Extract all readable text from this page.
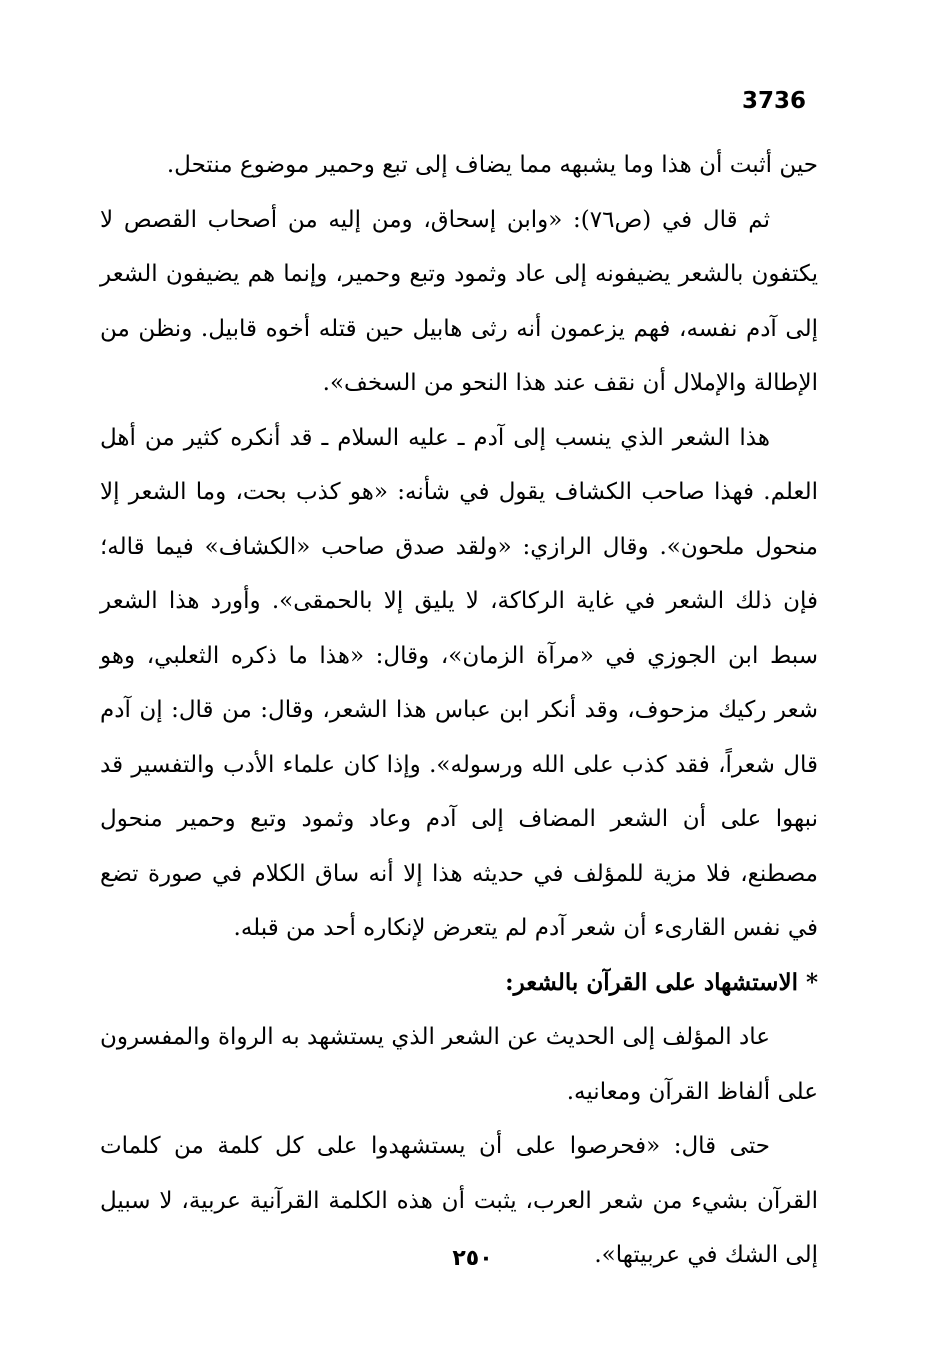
3736

حين أثبت أن هذا وما يشبهه مما يضاف إلى تبع وحمير موضوع منتحل.

ثم قال في (ص٧٦): «وابن إسحاق، ومن إليه من أصحاب القصص لا يكتفون بالشعر يضيفونه إلى عاد وثمود وتبع وحمير، وإنما هم يضيفون الشعر إلى آدم نفسه، فهم يزعمون أنه رثى هابيل حين قتله أخوه قابيل. ونظن من الإطالة والإملال أن نقف عند هذا النحو من السخف».

هذا الشعر الذي ينسب إلى آدم ـ عليه السلام ـ قد أنكره كثير من أهل العلم. فهذا صاحب الكشاف يقول في شأنه: «هو كذب بحت، وما الشعر إلا منحول ملحون». وقال الرازي: «ولقد صدق صاحب «الكشاف» فيما قاله؛ فإن ذلك الشعر في غاية الركاكة، لا يليق إلا بالحمقى». وأورد هذا الشعر سبط ابن الجوزي في «مرآة الزمان»، وقال: «هذا ما ذكره الثعلبي، وهو شعر ركيك مزحوف، وقد أنكر ابن عباس هذا الشعر، وقال: من قال: إن آدم قال شعراً، فقد كذب على الله ورسوله». وإذا كان علماء الأدب والتفسير قد نبهوا على أن الشعر المضاف إلى آدم وعاد وثمود وتبع وحمير منحول مصطنع، فلا مزية للمؤلف في حديثه هذا إلا أنه ساق الكلام في صورة تضع في نفس القارىء أن شعر آدم لم يتعرض لإنكاره أحد من قبله.

*الاستشهاد على القرآن بالشعر:

عاد المؤلف إلى الحديث عن الشعر الذي يستشهد به الرواة والمفسرون على ألفاظ القرآن ومعانيه.

حتى قال: «فحرصوا على أن يستشهدوا على كل كلمة من كلمات القرآن بشيء من شعر العرب، يثبت أن هذه الكلمة القرآنية عربية، لا سبيل إلى الشك في عربيتها».

٢٥٠
